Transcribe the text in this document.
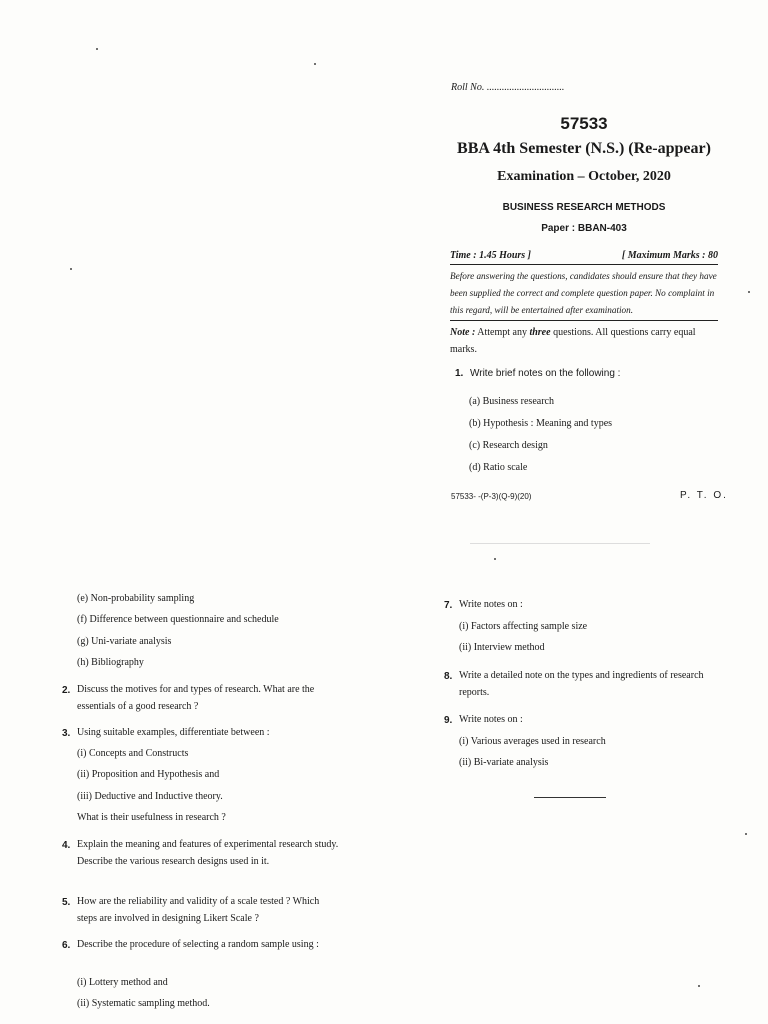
Roll No. ...............................
57533
BBA 4th Semester (N.S.) (Re-appear)
Examination – October, 2020
BUSINESS RESEARCH METHODS
Paper : BBAN-403
Time : 1.45 Hours ]	[ Maximum Marks : 80
Before answering the questions, candidates should ensure that they have been supplied the correct and complete question paper. No complaint in this regard, will be entertained after examination.
Note : Attempt any three questions. All questions carry equal marks.
1. Write brief notes on the following :
(a) Business research
(b) Hypothesis : Meaning and types
(c) Research design
(d) Ratio scale
57533- -(P-3)(Q-9)(20)	P. T. O.
(e) Non-probability sampling
(f) Difference between questionnaire and schedule
(g) Uni-variate analysis
(h) Bibliography
2. Discuss the motives for and types of research. What are the essentials of a good research ?
3. Using suitable examples, differentiate between :
(i) Concepts and Constructs
(ii) Proposition and Hypothesis and
(iii) Deductive and Inductive theory.
What is their usefulness in research ?
4. Explain the meaning and features of experimental research study. Describe the various research designs used in it.
5. How are the reliability and validity of a scale tested ? Which steps are involved in designing Likert Scale ?
6. Describe the procedure of selecting a random sample using :
(i) Lottery method and
(ii) Systematic sampling method.
7. Write notes on :
(i) Factors affecting sample size
(ii) Interview method
8. Write a detailed note on the types and ingredients of research reports.
9. Write notes on :
(i) Various averages used in research
(ii) Bi-variate analysis
